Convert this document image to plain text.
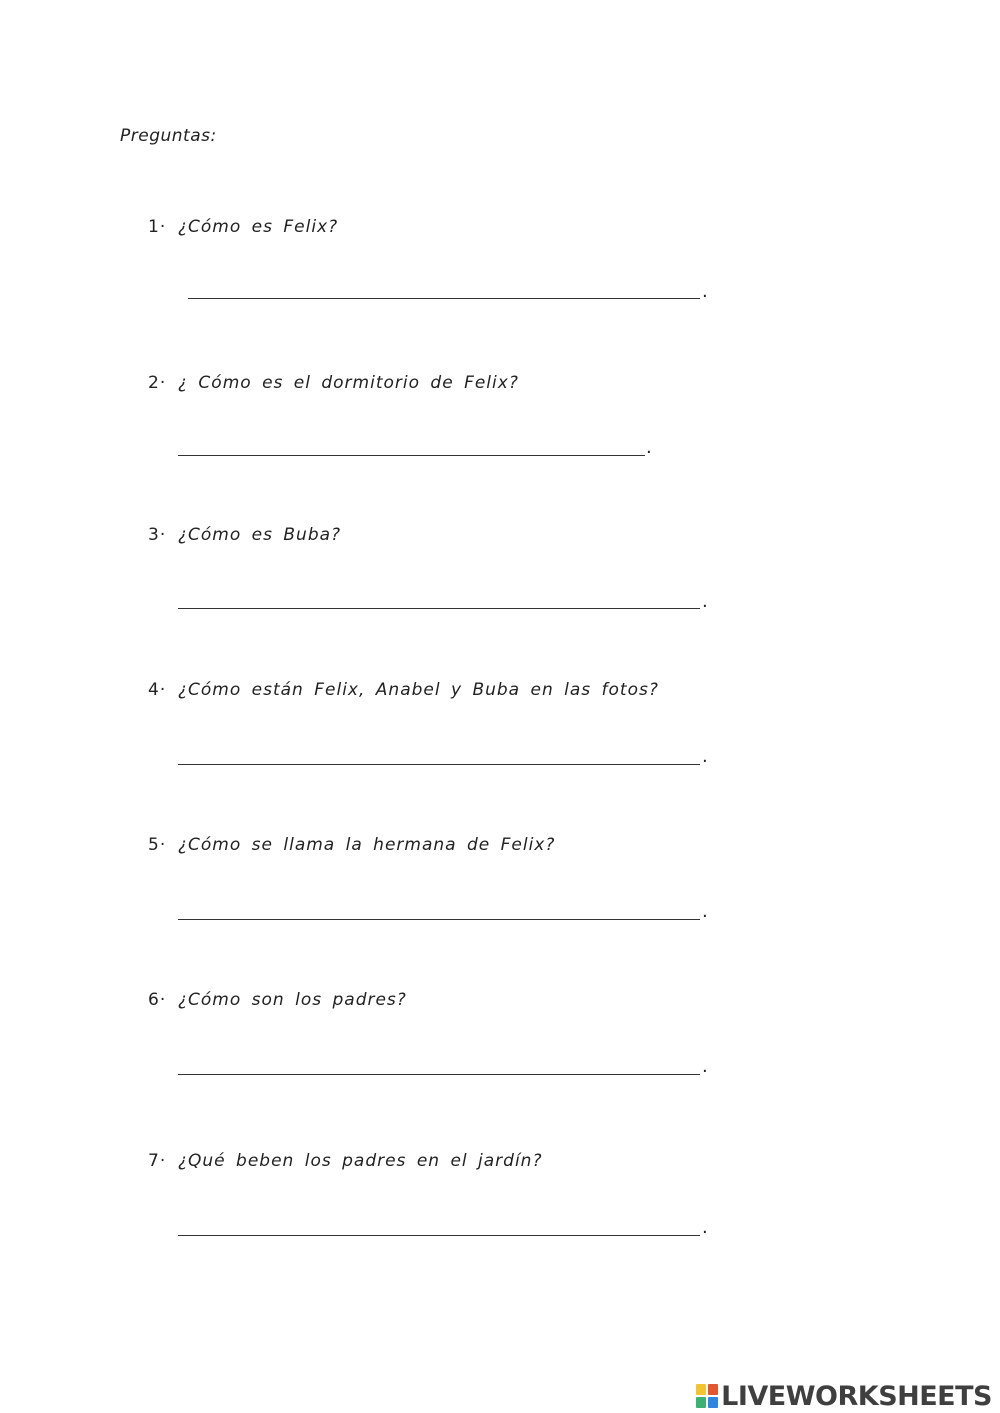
Preguntas:
1· ¿Cómo es Felix?
.
2· ¿ Cómo es el dormitorio de Felix?
.
3· ¿Cómo es Buba?
.
4· ¿Cómo están Felix, Anabel y Buba en las fotos?
.
5· ¿Cómo se llama la hermana de Felix?
.
6· ¿Cómo son los padres?
.
7· ¿Qué beben los padres en el jardín?
.
LIVEWORKSHEETS
